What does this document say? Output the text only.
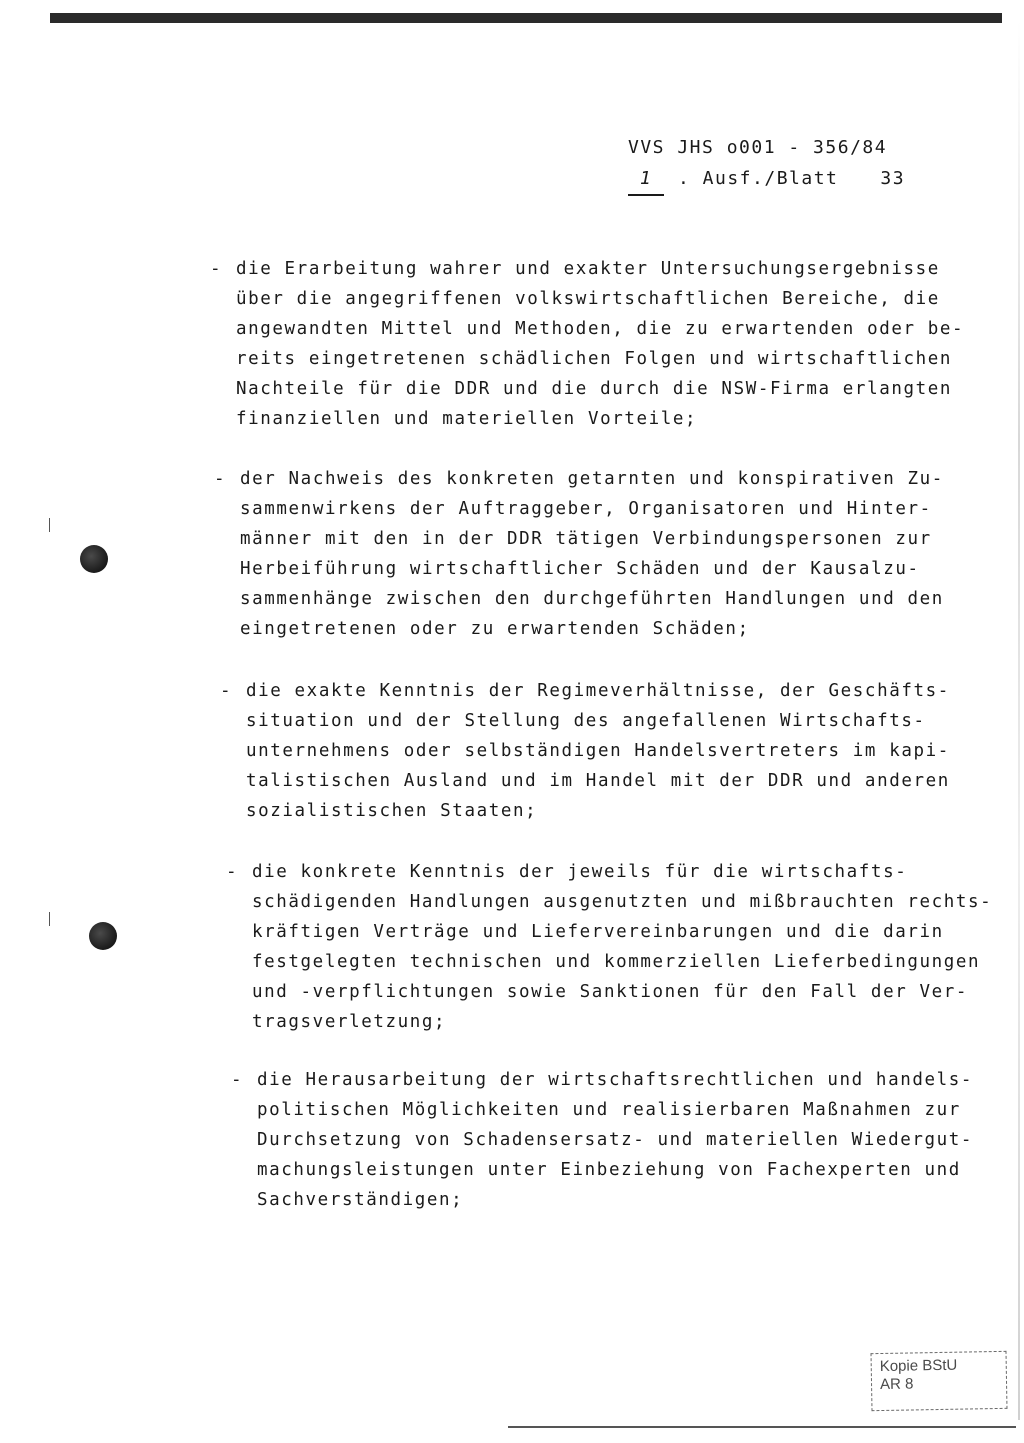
VVS JHS o001 - 356/84
1	. Ausf./Blatt 33
- die Erarbeitung wahrer und exakter Untersuchungsergebnisse
über die angegriffenen volkswirtschaftlichen Bereiche, die
angewandten Mittel und Methoden, die zu erwartenden oder be-
reits eingetretenen schädlichen Folgen und wirtschaftlichen
Nachteile für die DDR und die durch die NSW-Firma erlangten
finanziellen und materiellen Vorteile;
- der Nachweis des konkreten getarnten und konspirativen Zu-
sammenwirkens der Auftraggeber, Organisatoren und Hinter-
männer mit den in der DDR tätigen Verbindungspersonen zur
Herbeiführung wirtschaftlicher Schäden und der Kausalzu-
sammenhänge zwischen den durchgeführten Handlungen und den
eingetretenen oder zu erwartenden Schäden;
- die exakte Kenntnis der Regimeverhältnisse, der Geschäfts-
situation und der Stellung des angefallenen Wirtschafts-
unternehmens oder selbständigen Handelsvertreters im kapi-
talistischen Ausland und im Handel mit der DDR und anderen
sozialistischen Staaten;
- die konkrete Kenntnis der jeweils für die wirtschafts-
schädigenden Handlungen ausgenutzten und mißbrauchten rechts-
kräftigen Verträge und Liefervereinbarungen und die darin
festgelegten technischen und kommerziellen Lieferbedingungen
und -verpflichtungen sowie Sanktionen für den Fall der Ver-
tragsverletzung;
- die Herausarbeitung der wirtschaftsrechtlichen und handels-
politischen Möglichkeiten und realisierbaren Maßnahmen zur
Durchsetzung von Schadensersatz- und materiellen Wiedergut-
machungsleistungen unter Einbeziehung von Fachexperten und
Sachverständigen;
Kopie BStU
AR 8
